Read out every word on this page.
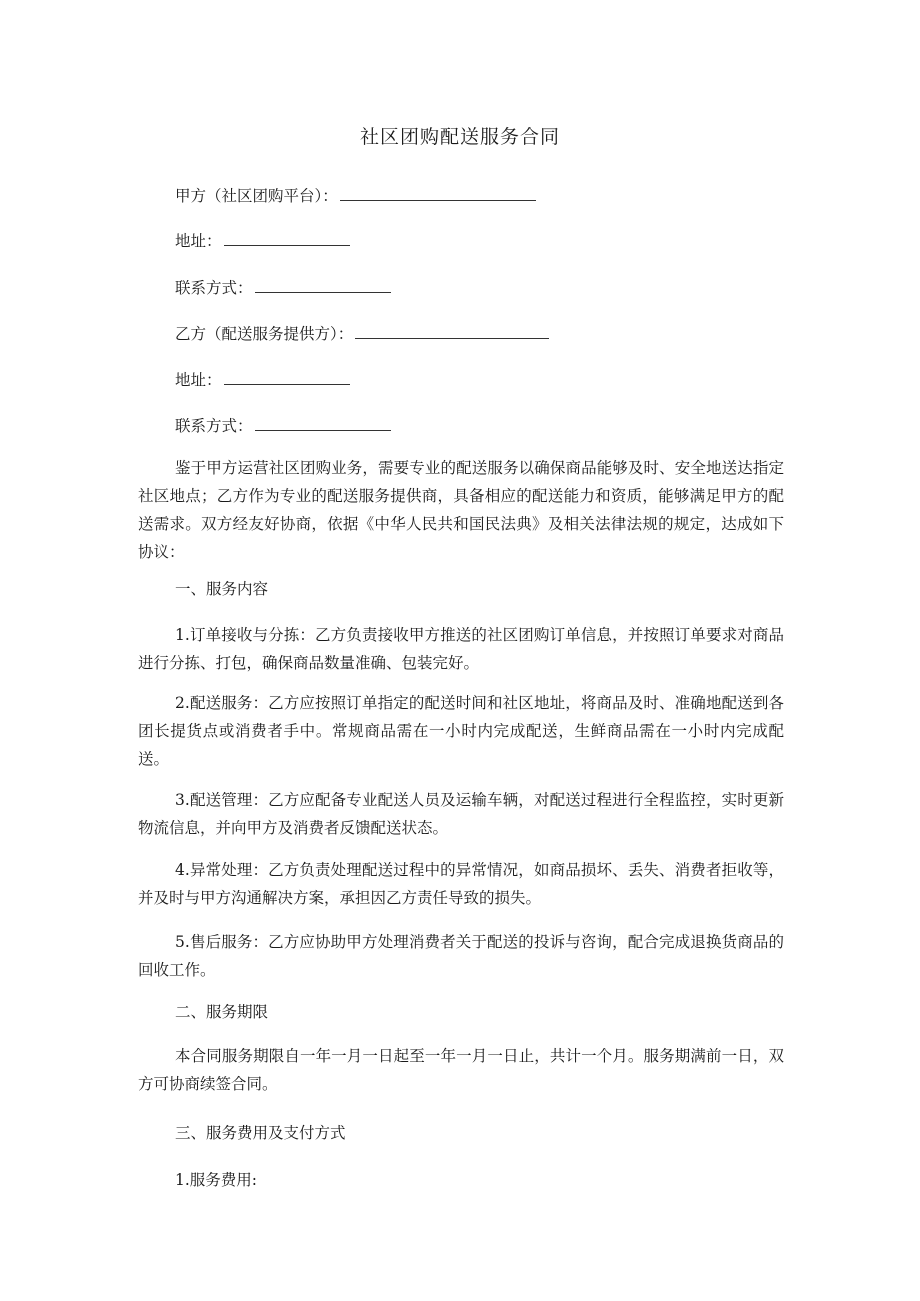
社区团购配送服务合同
甲方（社区团购平台）：
地址：
联系方式：
乙方（配送服务提供方）：
地址：
联系方式：
鉴于甲方运营社区团购业务，需要专业的配送服务以确保商品能够及时、安全地送达指定社区地点；乙方作为专业的配送服务提供商，具备相应的配送能力和资质，能够满足甲方的配送需求。双方经友好协商，依据《中华人民共和国民法典》及相关法律法规的规定，达成如下协议：
一、服务内容
1.订单接收与分拣：乙方负责接收甲方推送的社区团购订单信息，并按照订单要求对商品进行分拣、打包，确保商品数量准确、包装完好。
2.配送服务：乙方应按照订单指定的配送时间和社区地址，将商品及时、准确地配送到各团长提货点或消费者手中。常规商品需在一小时内完成配送，生鲜商品需在一小时内完成配送。
3.配送管理：乙方应配备专业配送人员及运输车辆，对配送过程进行全程监控，实时更新物流信息，并向甲方及消费者反馈配送状态。
4.异常处理：乙方负责处理配送过程中的异常情况，如商品损坏、丢失、消费者拒收等，并及时与甲方沟通解决方案，承担因乙方责任导致的损失。
5.售后服务：乙方应协助甲方处理消费者关于配送的投诉与咨询，配合完成退换货商品的回收工作。
二、服务期限
本合同服务期限自一年一月一日起至一年一月一日止，共计一个月。服务期满前一日，双方可协商续签合同。
三、服务费用及支付方式
1.服务费用:
